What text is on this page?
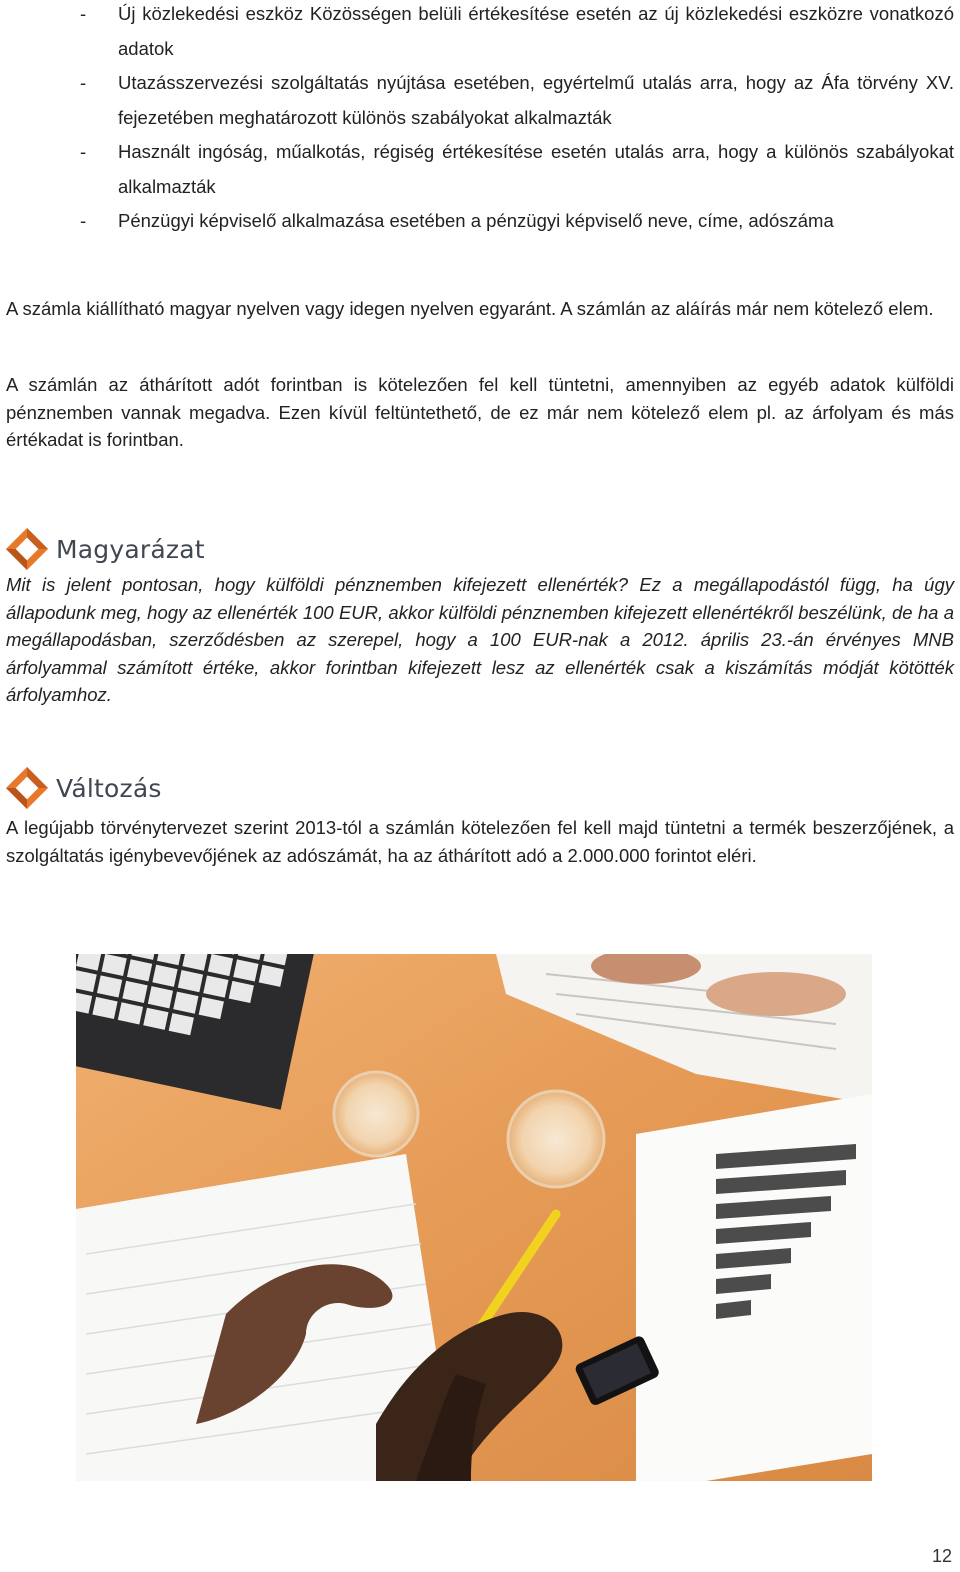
- Új közlekedési eszköz Közösségen belüli értékesítése esetén az új közlekedési eszközre vonatkozó adatok
- Utazásszervezési szolgáltatás nyújtása esetében, egyértelmű utalás arra, hogy az Áfa törvény XV. fejezetében meghatározott különös szabályokat alkalmazták
- Használt ingóság, műalkotás, régiség értékesítése esetén utalás arra, hogy a különös szabályokat alkalmazták
- Pénzügyi képviselő alkalmazása esetében a pénzügyi képviselő neve, címe, adószáma

A számla kiállítható magyar nyelven vagy idegen nyelven egyaránt. A számlán az aláírás már nem kötelező elem.

A számlán az áthárított adót forintban is kötelezően fel kell tüntetni, amennyiben az egyéb adatok külföldi pénznemben vannak megadva. Ezen kívül feltüntethető, de ez már nem kötelező elem pl. az árfolyam és más értékadat is forintban.

Magyarázat

Mit is jelent pontosan, hogy külföldi pénznemben kifejezett ellenérték? Ez a megállapodástól függ, ha úgy állapodunk meg, hogy az ellenérték 100 EUR, akkor külföldi pénznemben kifejezett ellenértékről beszélünk, de ha a megállapodásban, szerződésben az szerepel, hogy a 100 EUR-nak a 2012. április 23.-án érvényes MNB árfolyammal számított értéke, akkor forintban kifejezett lesz az ellenérték csak a kiszámítás módját kötötték árfolyamhoz.

Változás

A legújabb törvénytervezet szerint 2013-tól a számlán kötelezően fel kell majd tüntetni a termék beszerzőjének, a szolgáltatás igénybevevőjének az adószámát, ha az áthárított adó a 2.000.000 forintot eléri.

12
